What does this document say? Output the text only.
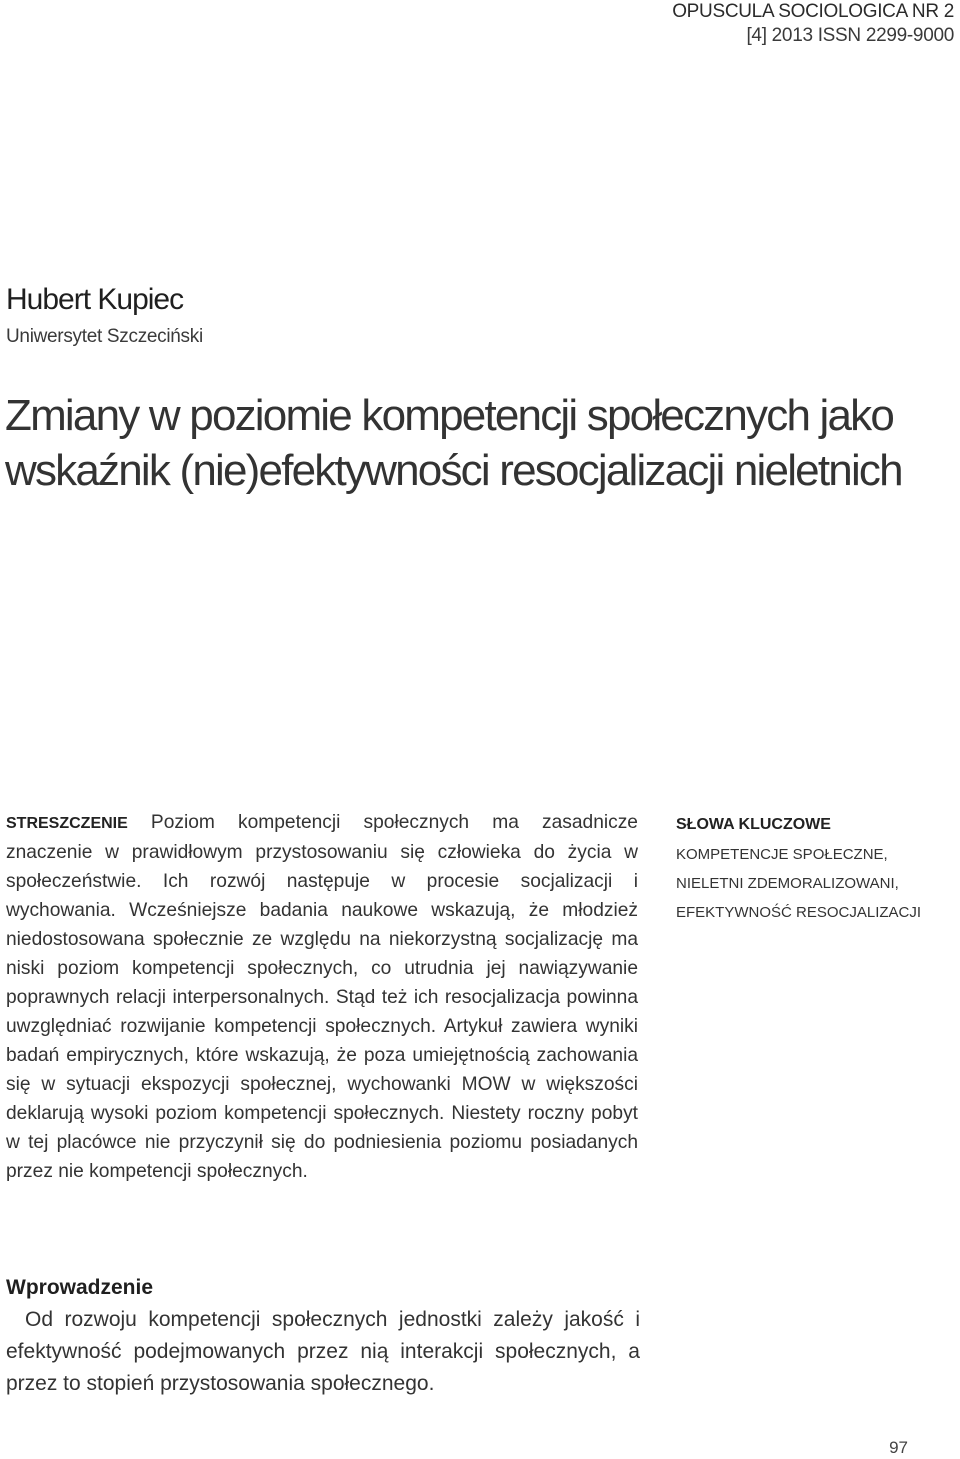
OPUSCULA SOCIOLOGICA NR 2
[4] 2013 ISSN 2299-9000
Hubert Kupiec
Uniwersytet Szczeciński
Zmiany w poziomie kompetencji społecznych jako wskaźnik (nie)efektywności resocjalizacji nieletnich

STRESZCZENIE Poziom kompetencji społecznych ma zasadnicze znaczenie w prawidłowym przystosowaniu się człowieka do życia w społeczeństwie. Ich rozwój następuje w procesie socjalizacji i wychowania. Wcześniejsze badania naukowe wskazują, że młodzież niedostosowana społecznie ze względu na niekorzystną socjalizację ma niski poziom kompetencji społecznych, co utrudnia jej nawiązywanie poprawnych relacji interpersonalnych. Stąd też ich resocjalizacja powinna uwzględniać rozwijanie kompetencji społecznych. Artykuł zawiera wyniki badań empirycznych, które wskazują, że poza umiejętnością zachowania się w sytuacji ekspozycji społecznej, wychowanki MOW w większości deklarują wysoki poziom kompetencji społecznych. Niestety roczny pobyt w tej placówce nie przyczynił się do podniesienia poziomu posiadanych przez nie kompetencji społecznych.

SŁOWA KLUCZOWE
KOMPETENCJE SPOŁECZNE, NIELETNI ZDEMORALIZOWANI, EFEKTYWNOŚĆ RESOCJALIZACJI
Wprowadzenie

Od rozwoju kompetencji społecznych jednostki zależy jakość i efektywność podejmowanych przez nią interakcji społecznych, a przez to stopień przystosowania społecznego.

97
